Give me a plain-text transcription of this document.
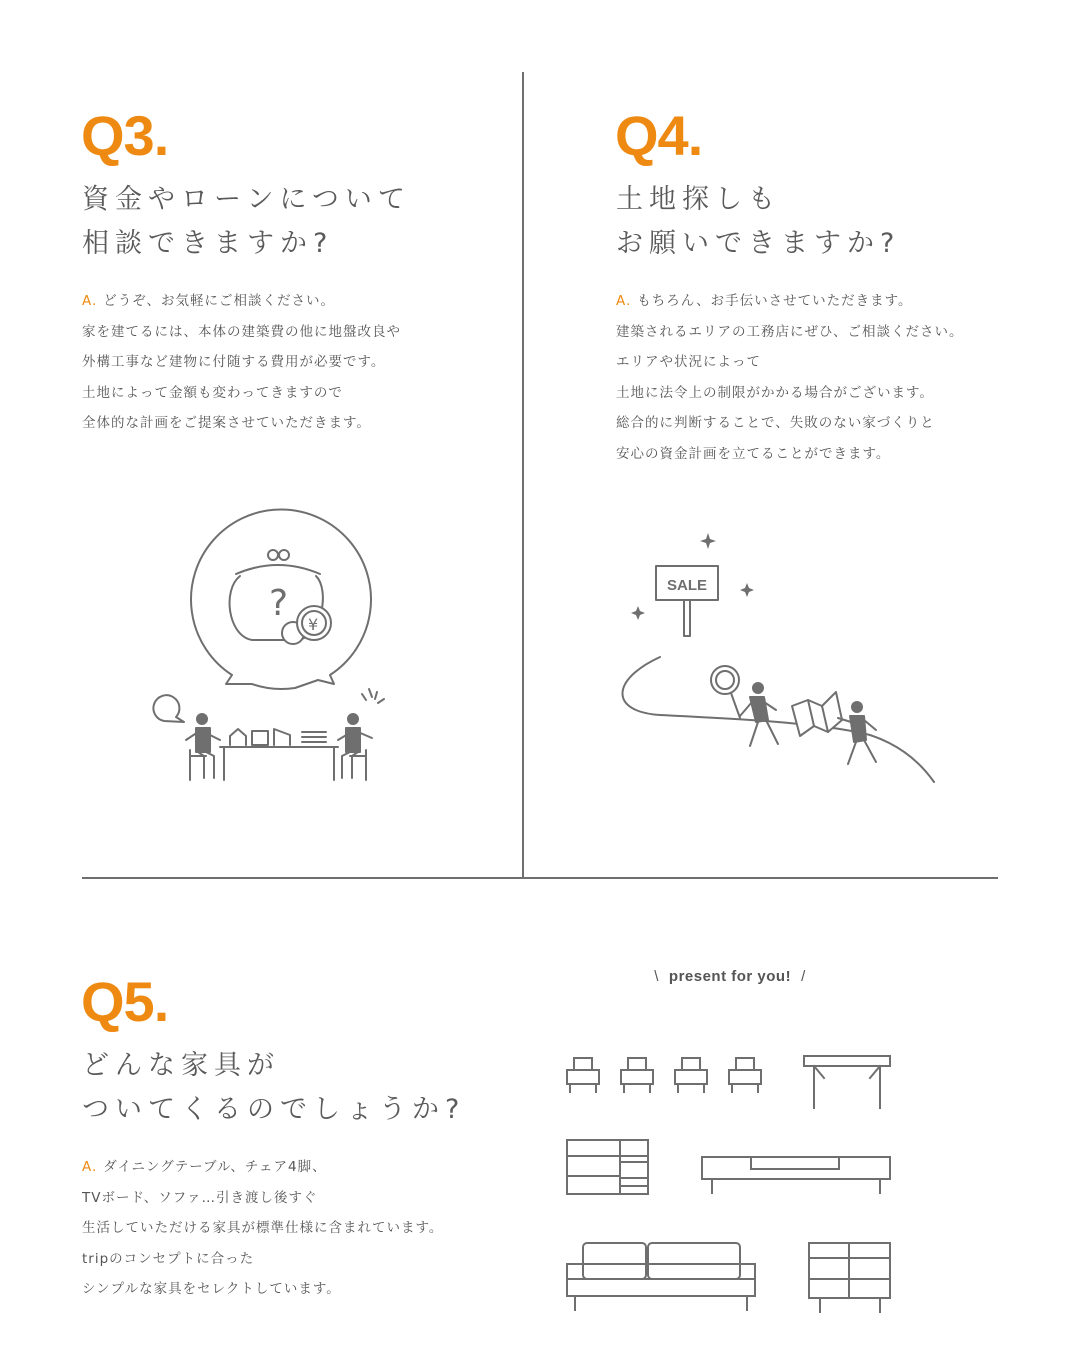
Q3.
資金やローンについて
相談できますか?
A. どうぞ、お気軽にご相談ください。
家を建てるには、本体の建築費の他に地盤改良や
外構工事など建物に付随する費用が必要です。
土地によって金額も変わってきますので
全体的な計画をご提案させていただきます。
?
¥
Q4.
土地探しも
お願いできますか?
A. もちろん、お手伝いさせていただきます。
建築されるエリアの工務店にぜひ、ご相談ください。
エリアや状況によって
土地に法令上の制限がかかる場合がございます。
総合的に判断することで、失敗のない家づくりと
安心の資金計画を立てることができます。
SALE
Q5.
どんな家具が
ついてくるのでしょうか?
A. ダイニングテーブル、チェア4脚、
TVボード、ソファ…引き渡し後すぐ
生活していただける家具が標準仕様に含まれています。
tripのコンセプトに合った
シンプルな家具をセレクトしています。
\ present for you! /
